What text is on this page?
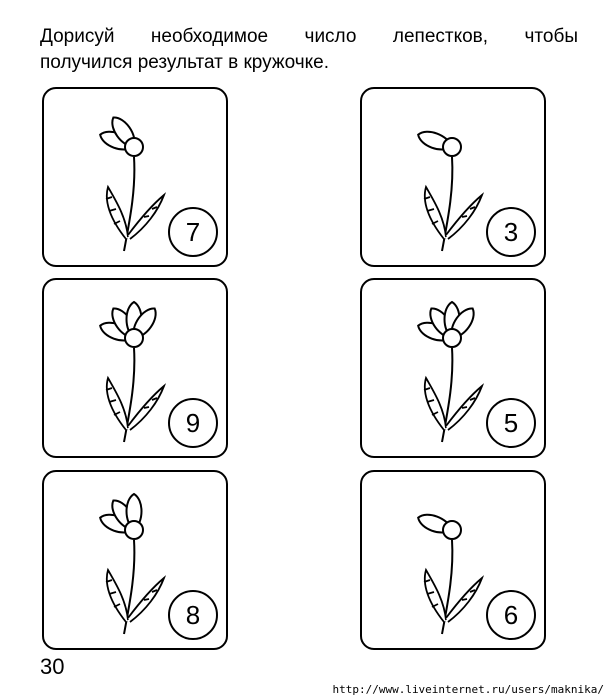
Дорисуй необходимое число лепестков, чтобы
получился результат в кружочке.
7	3
9	5
8	6
30
http://www.liveinternet.ru/users/maknika/
